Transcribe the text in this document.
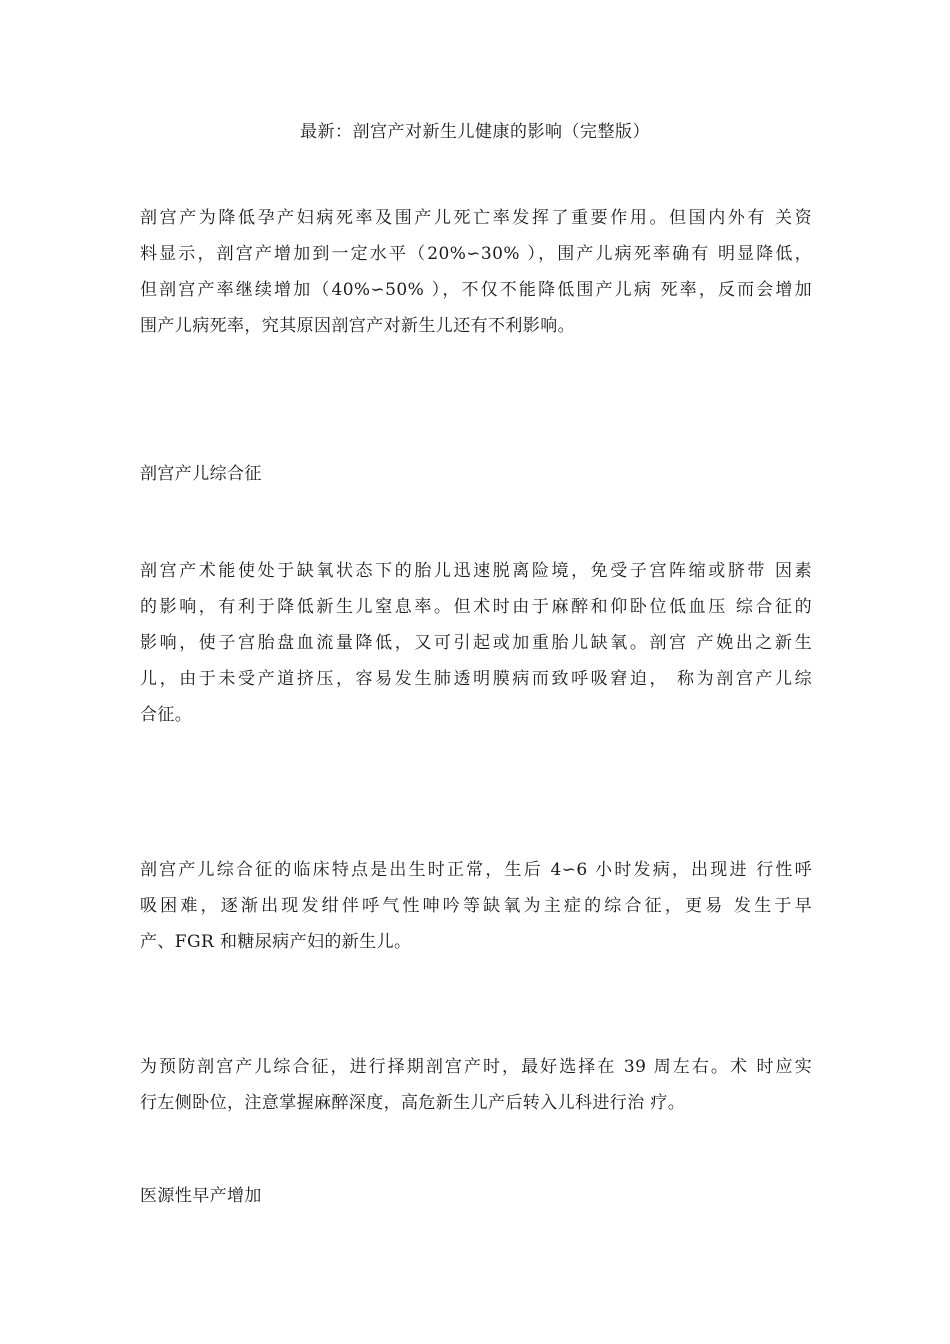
最新：剖宫产对新生儿健康的影响（完整版）
剖宫产为降低孕产妇病死率及围产儿死亡率发挥了重要作用。但国内外有 关资
料显示，剖宫产增加到一定水平（20%∽30% ），围产儿病死率确有 明显降低，
但剖宫产率继续增加（40%∽50% ），不仅不能降低围产儿病 死率，反而会增加
围产儿病死率，究其原因剖宫产对新生儿还有不利影响。
剖宫产儿综合征
剖宫产术能使处于缺氧状态下的胎儿迅速脱离险境，免受子宫阵缩或脐带 因素
的影响，有利于降低新生儿窒息率。但术时由于麻醉和仰卧位低血压 综合征的
影响，使子宫胎盘血流量降低，又可引起或加重胎儿缺氧。剖宫 产娩出之新生
儿，由于未受产道挤压，容易发生肺透明膜病而致呼吸窘迫， 称为剖宫产儿综
合征。
剖宫产儿综合征的临床特点是出生时正常，生后 4∽6 小时发病，出现进 行性呼
吸困难，逐渐出现发绀伴呼气性呻吟等缺氧为主症的综合征，更易 发生于早
产、FGR 和糖尿病产妇的新生儿。
为预防剖宫产儿综合征，进行择期剖宫产时，最好选择在 39 周左右。术 时应实
行左侧卧位，注意掌握麻醉深度，高危新生儿产后转入儿科进行治 疗。
医源性早产增加
